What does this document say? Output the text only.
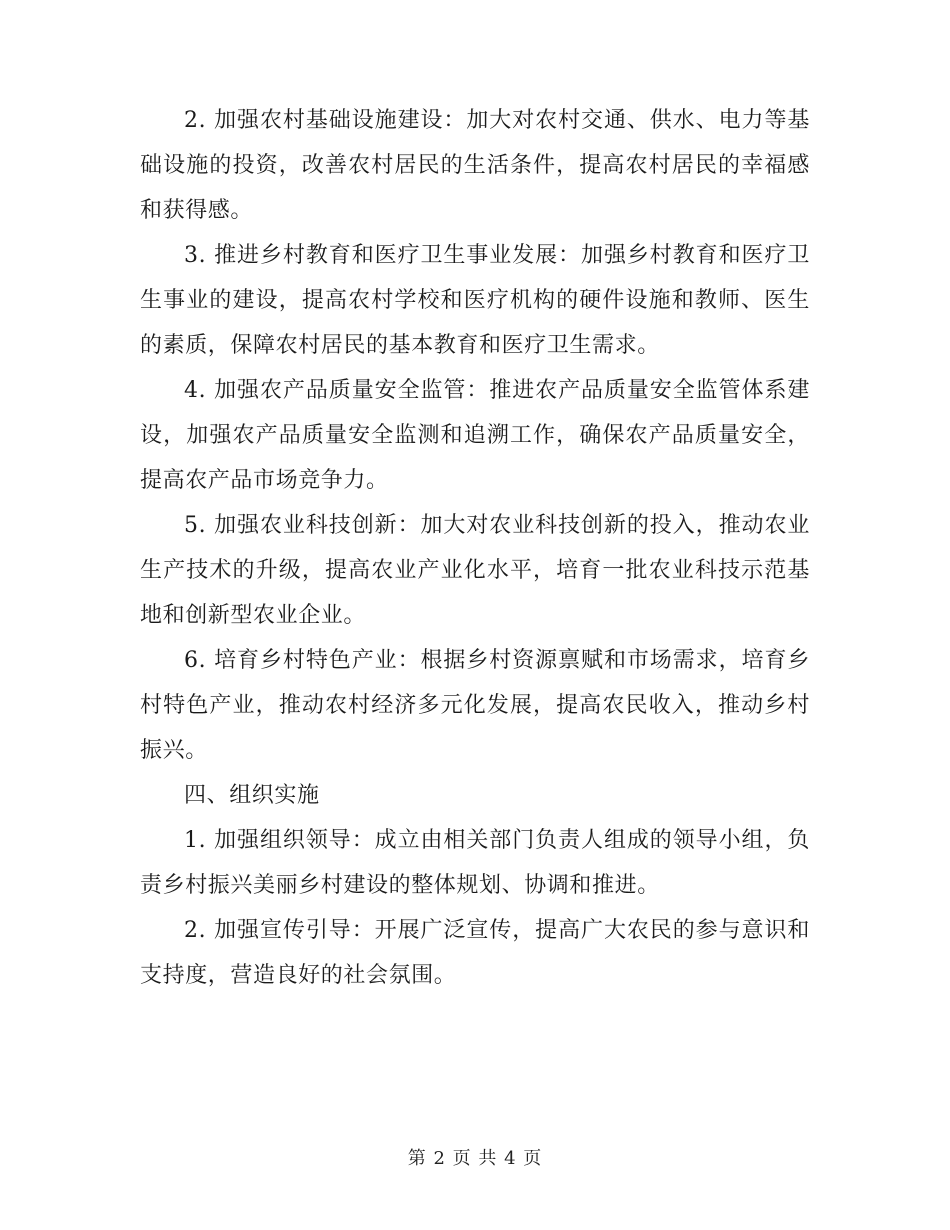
2. 加强农村基础设施建设：加大对农村交通、供水、电力等基础设施的投资，改善农村居民的生活条件，提高农村居民的幸福感和获得感。

3. 推进乡村教育和医疗卫生事业发展：加强乡村教育和医疗卫生事业的建设，提高农村学校和医疗机构的硬件设施和教师、医生的素质，保障农村居民的基本教育和医疗卫生需求。

4. 加强农产品质量安全监管：推进农产品质量安全监管体系建设，加强农产品质量安全监测和追溯工作，确保农产品质量安全，提高农产品市场竞争力。

5. 加强农业科技创新：加大对农业科技创新的投入，推动农业生产技术的升级，提高农业产业化水平，培育一批农业科技示范基地和创新型农业企业。

6. 培育乡村特色产业：根据乡村资源禀赋和市场需求，培育乡村特色产业，推动农村经济多元化发展，提高农民收入，推动乡村振兴。

四、组织实施

1. 加强组织领导：成立由相关部门负责人组成的领导小组，负责乡村振兴美丽乡村建设的整体规划、协调和推进。

2. 加强宣传引导：开展广泛宣传，提高广大农民的参与意识和支持度，营造良好的社会氛围。

第 2 页 共 4 页
